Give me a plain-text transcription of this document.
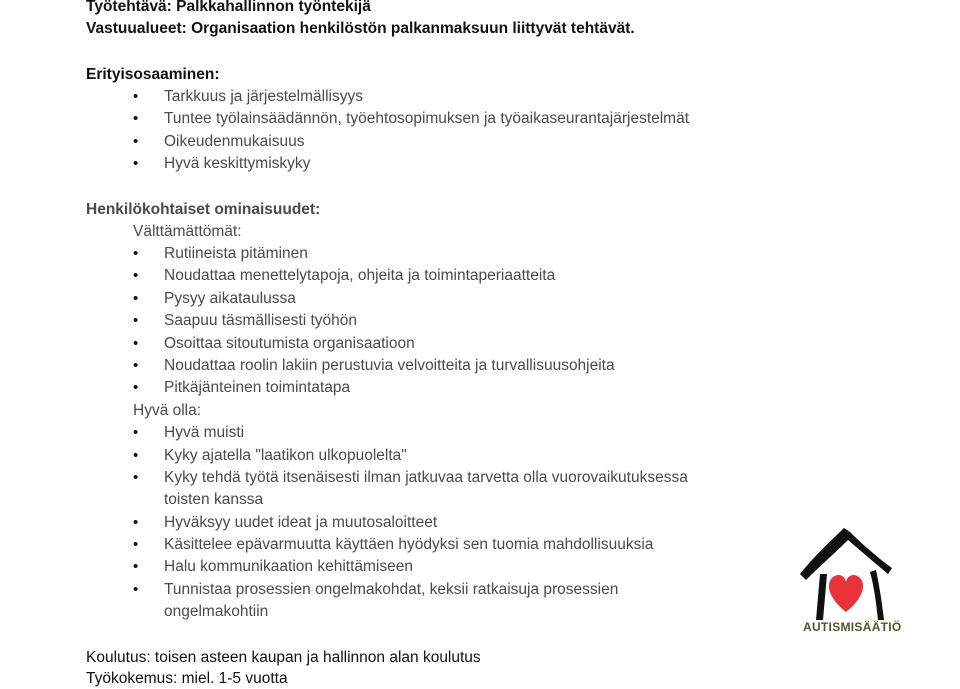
Työtehtävä: Palkkahallinnon työntekijä
Vastuualueet: Organisaation henkilöstön palkanmaksuun liittyvät tehtävät.
Erityisosaaminen:
• Tarkkuus ja järjestelmällisyys
• Tuntee työlainsäädännön, työehtosopimuksen ja työaikaseurantajärjestelmät
• Oikeudenmukaisuus
• Hyvä keskittymiskyky
Henkilökohtaiset ominaisuudet:
Välttämättömät:
• Rutiineista pitäminen
• Noudattaa menettelytapoja, ohjeita ja toimintaperiaatteita
• Pysyy aikataulussa
• Saapuu täsmällisesti työhön
• Osoittaa sitoutumista organisaatioon
• Noudattaa roolin lakiin perustuvia velvoitteita ja turvallisuusohjeita
• Pitkäjänteinen toimintatapa
Hyvä olla:
• Hyvä muisti
• Kyky ajatella "laatikon ulkopuolelta"
• Kyky tehdä työtä itsenäisesti ilman jatkuvaa tarvetta olla vuorovaikutuksessa
toisten kanssa
• Hyväksyy uudet ideat ja muutosaloitteet
• Käsittelee epävarmuutta käyttäen hyödyksi sen tuomia mahdollisuuksia
• Halu kommunikaation kehittämiseen
• Tunnistaa prosessien ongelmakohdat, keksii ratkaisuja prosessien
ongelmakohtiin
Koulutus: toisen asteen kaupan ja hallinnon alan koulutus
Työkokemus: miel. 1-5 vuotta
AUTISMISÄÄTIÖ
